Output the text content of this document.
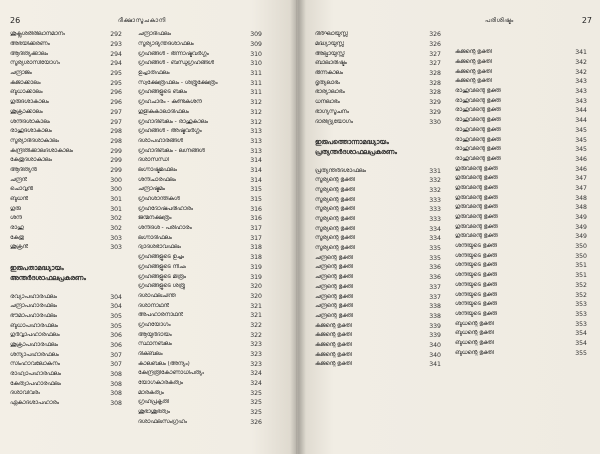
26	ദീക്ഷാസൂചകാനി
ശുക്ലശരീരിലാനമാനം	292
അഭയിക്കരണം	293
ആദിത്യക്കാലം	294
സൂര്യശാസിയോഗം	294
ചന്ദ്രാജം	295
കുജാക്കാലം	295
ബുധാക്കാലം	296
ഗുരുദശാകാലം	296
ശുക്രാക്കാലം	297
ശനിദശാകാലം	297
രാഹുദശാകാലം	298
സൂര്യാദിദശാകാലം	298
കന്ദ്രിതിക്കാലദശാകാലം	299
കേതുദശാകാലം	299
ആദിത്യൻ	299
ചന്ദ്രൻ	300
ചൊവ്വൻ	300
ബുധൻ	301
ഗുരു	301
ശനി	302
രാഹു	302
കേതു	303
ശുക്രൻ	303
ഇരുപതാമദ്ധ്യായം
അന്തർദശാഫലപ്രകരണം
രവ്യാപഹാരഫലം	304
ചന്ദ്രാപഹാരഫലം	304
ഭൗമാപഹാരഫലം	305
ബുധാപഹാരഫലം	305
ഗുർവ്വാപഹാരഫലം	306
ശുക്രാപഹാരഫലം	306
ശന്യാപഹാരഫലം	307
സിംഹാവലോകനം	307
രാഹ്വാപഹാരഫലം	308
കേത്വാപഹാരഫലം	308
ദശാവിവരം	308
ഏകാദശാപഹാരം	308
ചന്ദ്രാദിഫലം	309
സൂര്യാദ്യന്തദശാഫലം	309
ഗ്രഹങ്ങൾ - ഭിന്നാഷ്ടവർഗ്ഗം	310
ഗ്രഹങ്ങൾ - ബന്ധുഗ്രഹങ്ങൾ	310
ഉച്ചാതഫലം	311
സ്വക്ഷേത്രഫലം - ശത്രുക്ഷേത്രം	311
ഗ്രഹങ്ങളുടെ ബലം	311
ഗ്രഹചാരം - കണ്ടകശനി	312
ഗുളികകാലാദിഫലം	312
ഗ്രഹാദിബലം - രാഹുകാലം	312
ഗ്രഹങ്ങൾ - അഷ്ടവർഗ്ഗം	313
ദശാപഹാരങ്ങൾ	313
ഗ്രഹാദിബലം - ലഗ്നങ്ങൾ	313
ദശാസന്ധി	314
ലഗ്നാഷ്ടമഫലം	314
ശനിചാരഫലം	314
ചന്ദ്രാഷ്ടമം	315
ഗ്രഹശാന്തികൾ	315
ഗ്രഹദോഷപരിഹാരം	316
ജന്മനക്ഷത്രം	316
ശനിദശ - പരിഹാരം	317
ലഗ്നാദിഫലം	317
ദ്വാദശഭാവഫലം	318
ഗ്രഹങ്ങളുടെ ഉച്ചം	318
ഗ്രഹങ്ങളുടെ നീചം	319
ഗ്രഹങ്ങളുടെ മിത്രം	319
ഗ്രഹങ്ങളുടെ ശത്രു	320
ദശാഫലചിന്ത	320
ദശാനാഥൻ	321
അപഹാരനാഥൻ	321
ഗ്രഹയോഗം	322
ആയുർദായം	322
സ്ഥാനബലം	323
ദിക്ബലം	323
കാലബലം (അന്യം)	323
കേന്ദ്രത്രികോണാധിപത്യം	324
യോഗകാരകത്വം	324
മാരകത്വം	325
ഗ്രഹപ്രകൃതി	325
ശുഭാശുഭത്വം	325
ദശാഫലസംഗ്രഹം	326
27
പരിശിഷ്ടം
ദീർഘായുസ്സ്	326
മദ്ധ്യായുസ്സ്	326
അല്പായുസ്സ്	327
ബാലാരിഷ്ടം	327
ഭിന്നകാലം	328
ഭൃത്യലാഭം	328
ഭാര്യാലാഭം	328
ധനലാഭം	329
ഭാഗ്യസൂചനം	329
ദാരിദ്ര്യയോഗം	330
ഇരുപത്തൊന്നാമദ്ധ്യായം
പ്രത്യന്തർദശാഫലപ്രകരണം
പ്രത്യന്തർദശാഫലം	331
സൂര്യന്റെ ഭുക്തി	332
സൂര്യന്റെ ഭുക്തി	332
സൂര്യന്റെ ഭുക്തി	333
സൂര്യന്റെ ഭുക്തി	333
സൂര്യന്റെ ഭുക്തി	333
സൂര്യന്റെ ഭുക്തി	334
സൂര്യന്റെ ഭുക്തി	334
സൂര്യന്റെ ഭുക്തി	335
ചന്ദ്രന്റെ ഭുക്തി	335
ചന്ദ്രന്റെ ഭുക്തി	336
ചന്ദ്രന്റെ ഭുക്തി	336
ചന്ദ്രന്റെ ഭുക്തി	337
ചന്ദ്രന്റെ ഭുക്തി	337
ചന്ദ്രന്റെ ഭുക്തി	338
ചന്ദ്രന്റെ ഭുക്തി	338
കുജന്റെ ഭുക്തി	339
കുജന്റെ ഭുക്തി	339
കുജന്റെ ഭുക്തി	340
കുജന്റെ ഭുക്തി	340
കുജന്റെ ഭുക്തി	341
കുജന്റെ ഭുക്തി	341
കുജന്റെ ഭുക്തി	342
കുജന്റെ ഭുക്തി	342
കുജന്റെ ഭുക്തി	343
രാഹുവിന്റെ ഭുക്തി	343
രാഹുവിന്റെ ഭുക്തി	343
രാഹുവിന്റെ ഭുക്തി	344
രാഹുവിന്റെ ഭുക്തി	344
രാഹുവിന്റെ ഭുക്തി	345
രാഹുവിന്റെ ഭുക്തി	345
രാഹുവിന്റെ ഭുക്തി	345
രാഹുവിന്റെ ഭുക്തി	346
ഗുരുവിന്റെ ഭുക്തി	346
ഗുരുവിന്റെ ഭുക്തി	347
ഗുരുവിന്റെ ഭുക്തി	347
ഗുരുവിന്റെ ഭുക്തി	348
ഗുരുവിന്റെ ഭുക്തി	348
ഗുരുവിന്റെ ഭുക്തി	349
ഗുരുവിന്റെ ഭുക്തി	349
ഗുരുവിന്റെ ഭുക്തി	349
ശനിയുടെ ഭുക്തി	350
ശനിയുടെ ഭുക്തി	350
ശനിയുടെ ഭുക്തി	351
ശനിയുടെ ഭുക്തി	351
ശനിയുടെ ഭുക്തി	352
ശനിയുടെ ഭുക്തി	352
ശനിയുടെ ഭുക്തി	353
ശനിയുടെ ഭുക്തി	353
ബുധന്റെ ഭുക്തി	353
ബുധന്റെ ഭുക്തി	354
ബുധന്റെ ഭുക്തി	354
ബുധന്റെ ഭുക്തി	355
